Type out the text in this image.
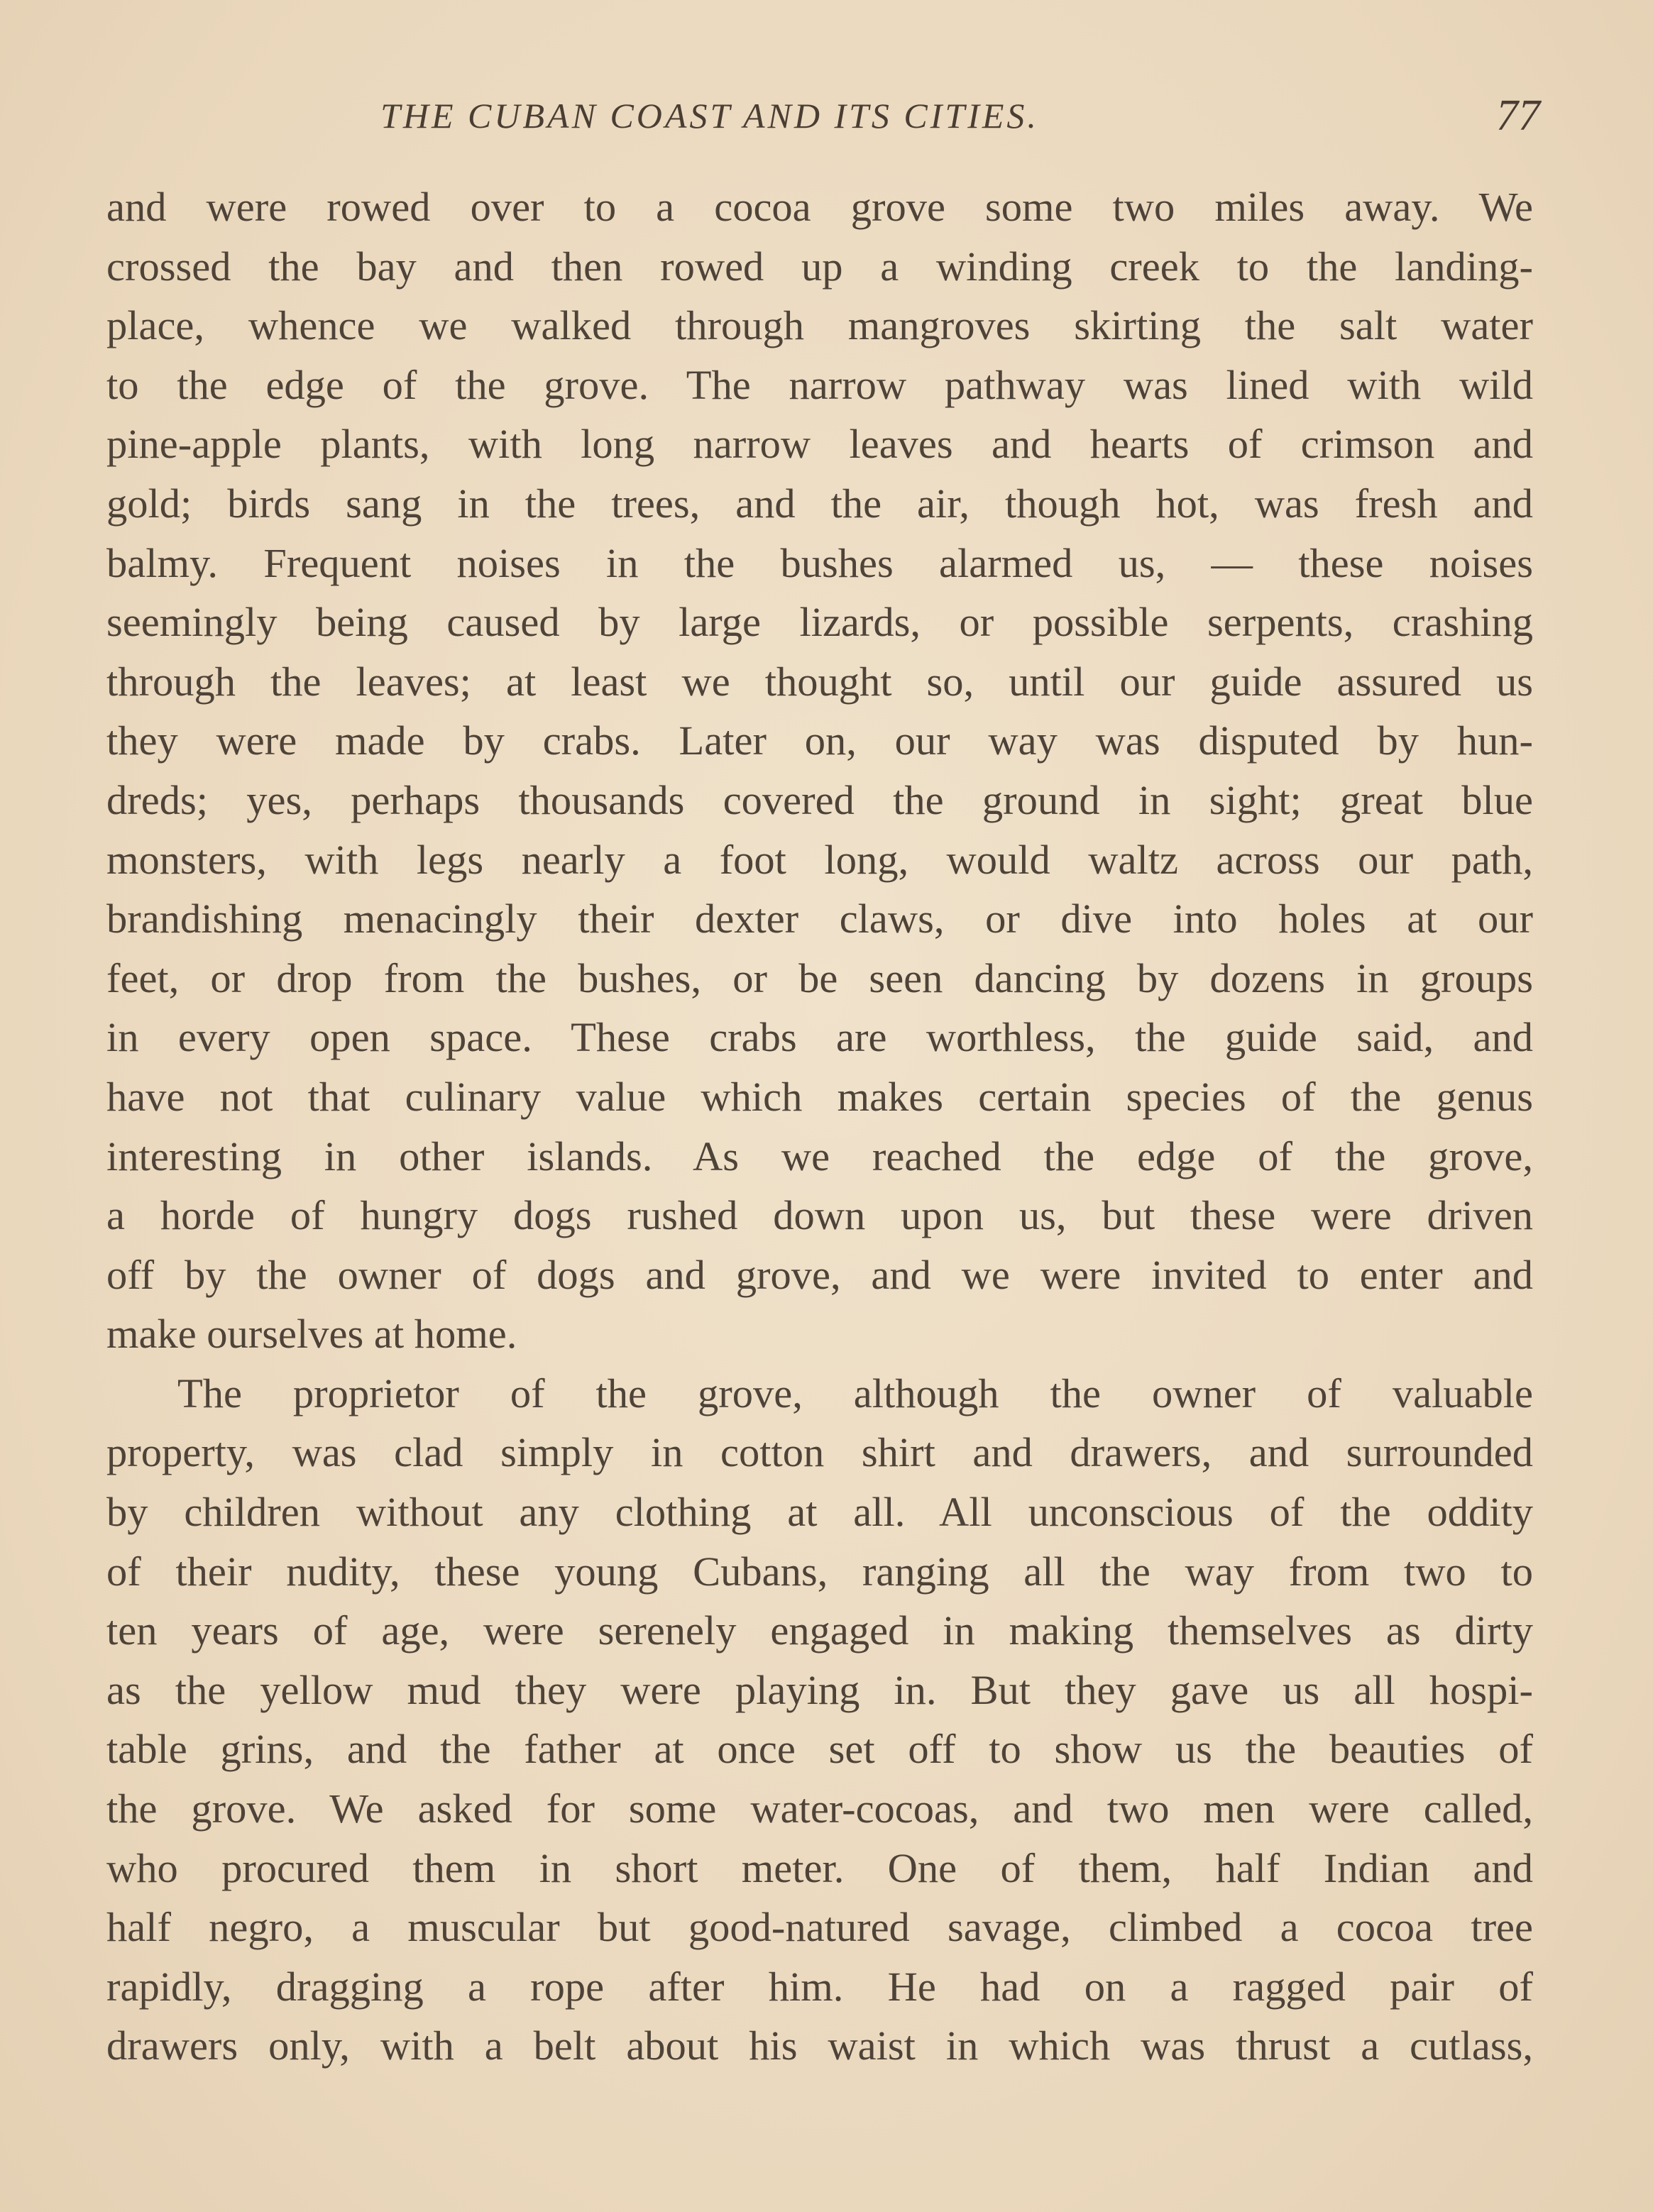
THE CUBAN COAST AND ITS CITIES.	77
and were rowed over to a cocoa grove some two miles away. We
crossed the bay and then rowed up a winding creek to the landing-
place, whence we walked through mangroves skirting the salt water
to the edge of the grove. The narrow pathway was lined with wild
pine-apple plants, with long narrow leaves and hearts of crimson and
gold; birds sang in the trees, and the air, though hot, was fresh and
balmy. Frequent noises in the bushes alarmed us, — these noises
seemingly being caused by large lizards, or possible serpents, crashing
through the leaves; at least we thought so, until our guide assured us
they were made by crabs. Later on, our way was disputed by hun-
dreds; yes, perhaps thousands covered the ground in sight; great blue
monsters, with legs nearly a foot long, would waltz across our path,
brandishing menacingly their dexter claws, or dive into holes at our
feet, or drop from the bushes, or be seen dancing by dozens in groups
in every open space. These crabs are worthless, the guide said, and
have not that culinary value which makes certain species of the genus
interesting in other islands. As we reached the edge of the grove,
a horde of hungry dogs rushed down upon us, but these were driven
off by the owner of dogs and grove, and we were invited to enter and
make ourselves at home.
The proprietor of the grove, although the owner of valuable
property, was clad simply in cotton shirt and drawers, and surrounded
by children without any clothing at all. All unconscious of the oddity
of their nudity, these young Cubans, ranging all the way from two to
ten years of age, were serenely engaged in making themselves as dirty
as the yellow mud they were playing in. But they gave us all hospi-
table grins, and the father at once set off to show us the beauties of
the grove. We asked for some water-cocoas, and two men were called,
who procured them in short meter. One of them, half Indian and
half negro, a muscular but good-natured savage, climbed a cocoa tree
rapidly, dragging a rope after him. He had on a ragged pair of
drawers only, with a belt about his waist in which was thrust a cutlass,
